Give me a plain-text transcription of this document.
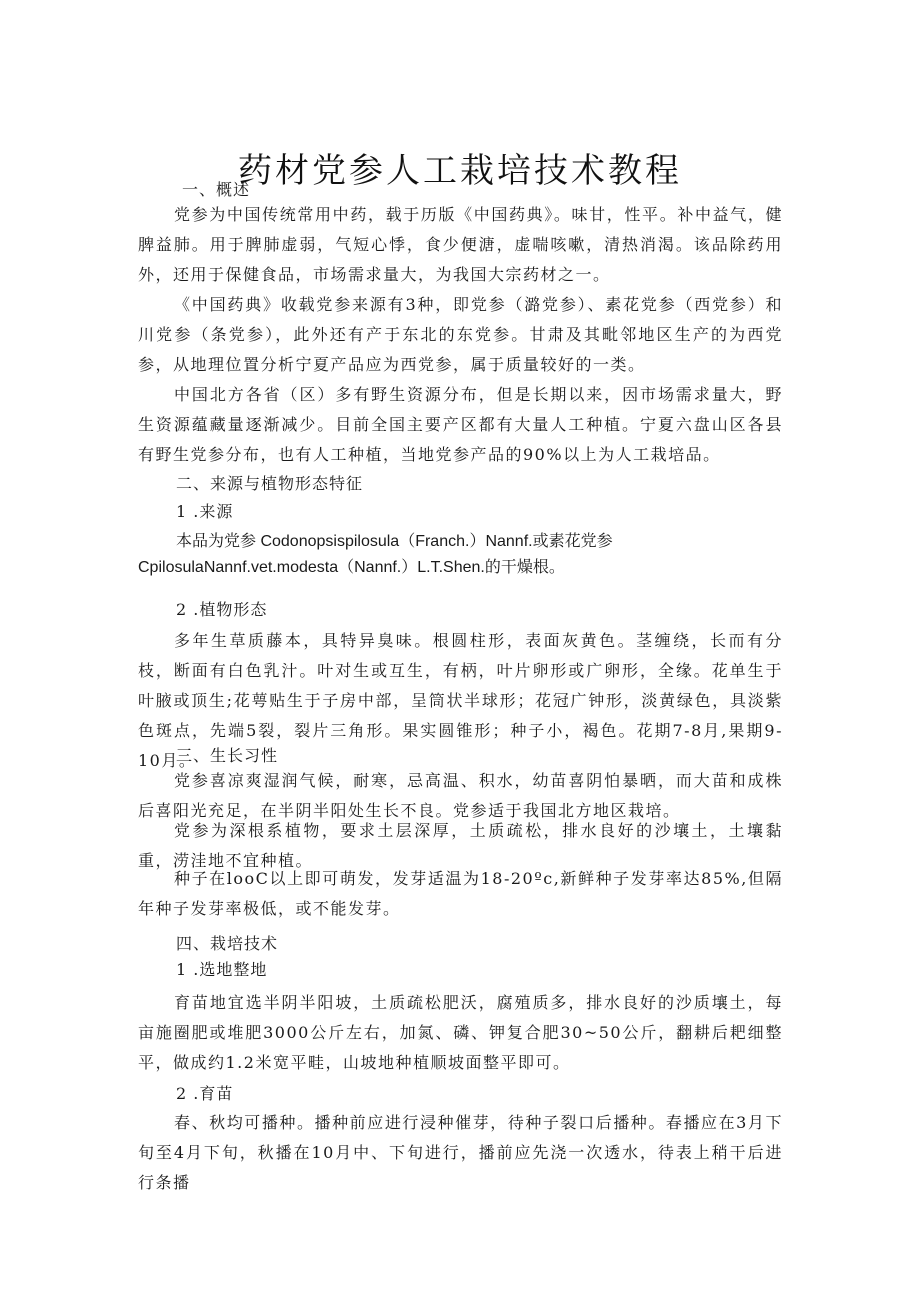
药材党参人工栽培技术教程
一、概述

党参为中国传统常用中药，载于历版《中国药典》。味甘，性平。补中益气，健脾益肺。用于脾肺虚弱，气短心悸，食少便溏，虚喘咳嗽，清热消渴。该品除药用外，还用于保健食品，市场需求量大，为我国大宗药材之一。

《中国药典》收载党参来源有3种，即党参（潞党参）、素花党参（西党参）和川党参（条党参），此外还有产于东北的东党参。甘肃及其毗邻地区生产的为西党参，从地理位置分析宁夏产品应为西党参，属于质量较好的一类。

中国北方各省（区）多有野生资源分布，但是长期以来，因市场需求量大，野生资源蕴藏量逐渐减少。目前全国主要产区都有大量人工种植。宁夏六盘山区各县有野生党参分布，也有人工种植，当地党参产品的90%以上为人工栽培品。

二、来源与植物形态特征
1 .来源
本品为党参 Codonopsispilosula（Franch.）Nannf.或素花党参
CpilosulaNannf.vet.modesta（Nannf.）L.T.Shen.的干燥根。
2 .植物形态

多年生草质藤本，具特异臭味。根圆柱形，表面灰黄色。茎缠绕，长而有分枝，断面有白色乳汁。叶对生或互生，有柄，叶片卵形或广卵形，全缘。花单生于叶腋或顶生;花萼贴生于子房中部，呈筒状半球形；花冠广钟形，淡黄绿色，具淡紫色斑点，先端5裂，裂片三角形。果实圆锥形；种子小，褐色。花期7-8月,果期9-10月。

三、生长习性

党参喜凉爽湿润气候，耐寒，忌高温、积水，幼苗喜阴怕暴晒，而大苗和成株后喜阳光充足，在半阴半阳处生长不良。党参适于我国北方地区栽培。

党参为深根系植物，要求土层深厚，土质疏松，排水良好的沙壤土，土壤黏重，涝洼地不宜种植。

种子在looC以上即可萌发，发芽适温为18-20ºc,新鲜种子发芽率达85%,但隔年种子发芽率极低，或不能发芽。

四、栽培技术
1 .选地整地

育苗地宜选半阴半阳坡，土质疏松肥沃，腐殖质多，排水良好的沙质壤土，每亩施圈肥或堆肥3000公斤左右，加氮、磷、钾复合肥30~50公斤，翻耕后耙细整平，做成约1.2米宽平畦，山坡地种植顺坡面整平即可。

2 .育苗

春、秋均可播种。播种前应进行浸种催芽，待种子裂口后播种。春播应在3月下旬至4月下旬，秋播在10月中、下旬进行，播前应先浇一次透水，待表上稍干后进行条播
